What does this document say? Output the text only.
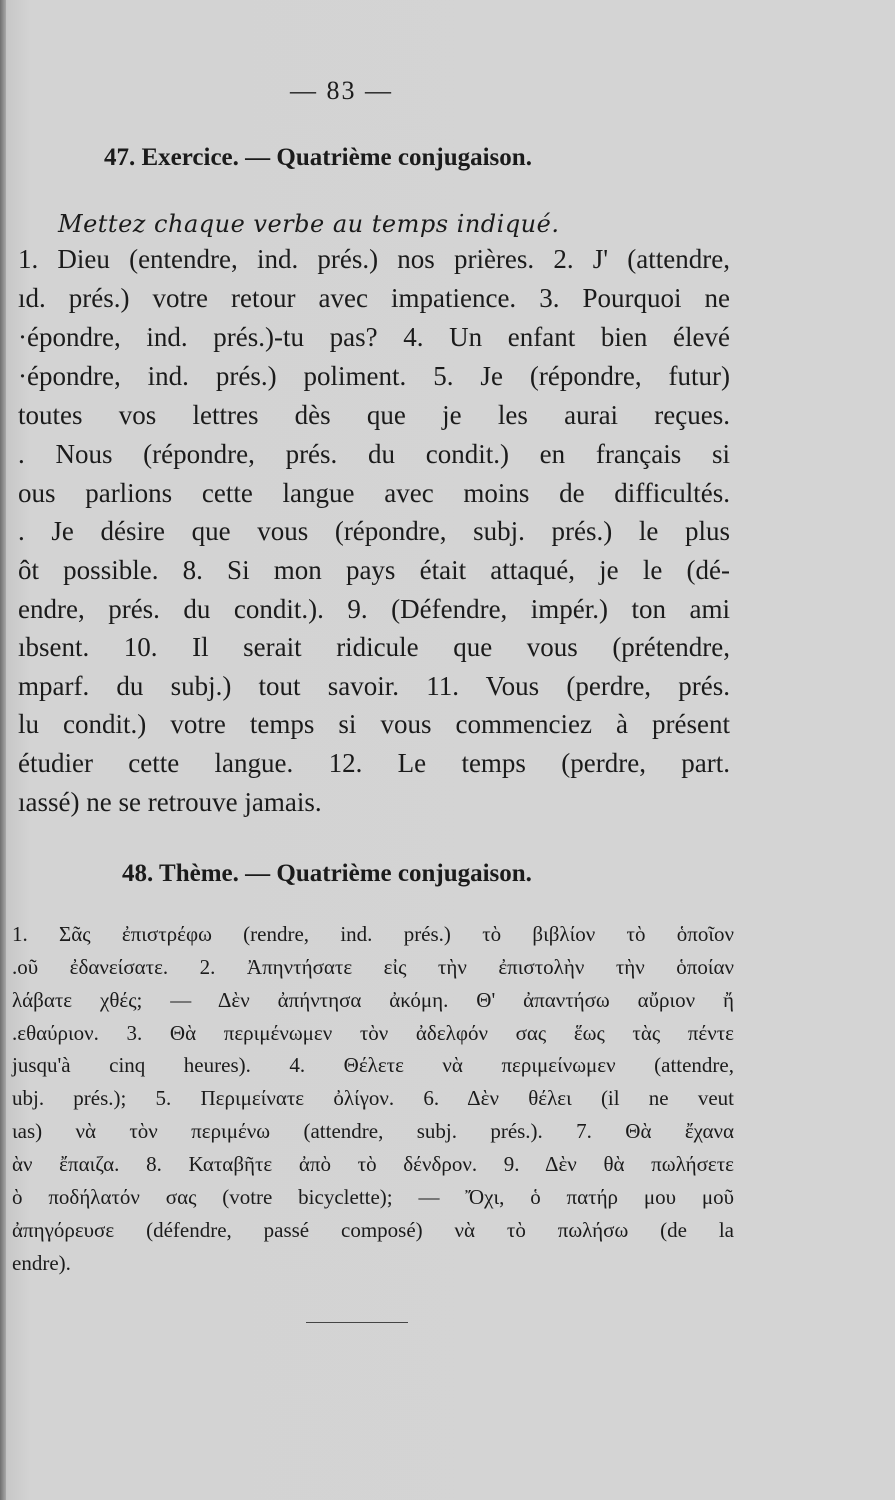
— 83 —
47. Exercice. — Quatrième conjugaison.
Mettez chaque verbe au temps indiqué.
1. Dieu (entendre, ind. prés.) nos prières. 2. J' (attendre,
ıd. prés.) votre retour avec impatience. 3. Pourquoi ne
·épondre, ind. prés.)-tu pas? 4. Un enfant bien élevé
·épondre, ind. prés.) poliment. 5. Je (répondre, futur)
toutes vos lettres dès que je les aurai reçues.
. Nous (répondre, prés. du condit.) en français si
ous parlions cette langue avec moins de difficultés.
. Je désire que vous (répondre, subj. prés.) le plus
ôt possible. 8. Si mon pays était attaqué, je le (dé-
endre, prés. du condit.). 9. (Défendre, impér.) ton ami
ıbsent. 10. Il serait ridicule que vous (prétendre,
mparf. du subj.) tout savoir. 11. Vous (perdre, prés.
lu condit.) votre temps si vous commenciez à présent
étudier cette langue. 12. Le temps (perdre, part.
ıassé) ne se retrouve jamais.
48. Thème. — Quatrième conjugaison.
1. Σᾶς ἐπιστρέφω (rendre, ind. prés.) τὸ βιβλίον τὸ ὁποῖον
.οῦ ἐδανείσατε. 2. Ἀπηντήσατε εἰς τὴν ἐπιστολὴν τὴν ὁποίαν
λάβατε χθές; — Δὲν ἀπήντησα ἀκόμη. Θ' ἀπαντήσω αὔριον ἤ
.εθαύριον. 3. Θὰ περιμένωμεν τὸν ἀδελφόν σας ἕως τὰς πέντε
jusqu'à cinq heures). 4. Θέλετε νὰ περιμείνωμεν (attendre,
ubj. prés.); 5. Περιμείνατε ὀλίγον. 6. Δὲν θέλει (il ne veut
ιas) νὰ τὸν περιμένω (attendre, subj. prés.). 7. Θὰ ἔχανα
ὰν ἔπαιζα. 8. Καταβῆτε ἀπὸ τὸ δένδρον. 9. Δὲν θὰ πωλήσετε
ὸ ποδήλατόν σας (votre bicyclette); — Ὄχι, ὁ πατήρ μου μοῦ
ἀπηγόρευσε (défendre, passé composé) νὰ τὸ πωλήσω (de la
endre).
